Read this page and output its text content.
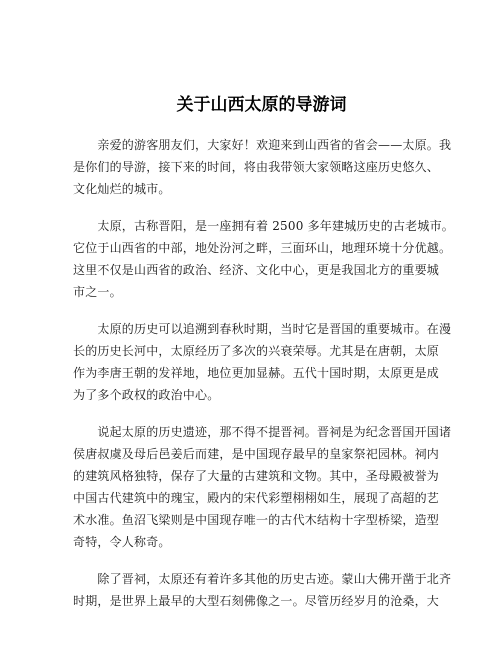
关于山西太原的导游词
　　亲爱的游客朋友们，大家好！欢迎来到山西省的省会——太原。我
是你们的导游，接下来的时间，将由我带领大家领略这座历史悠久、
文化灿烂的城市。
　　太原，古称晋阳，是一座拥有着 2500 多年建城历史的古老城市。
它位于山西省的中部，地处汾河之畔，三面环山，地理环境十分优越。
这里不仅是山西省的政治、经济、文化中心，更是我国北方的重要城
市之一。
　　太原的历史可以追溯到春秋时期，当时它是晋国的重要城市。在漫
长的历史长河中，太原经历了多次的兴衰荣辱。尤其是在唐朝，太原
作为李唐王朝的发祥地，地位更加显赫。五代十国时期，太原更是成
为了多个政权的政治中心。
　　说起太原的历史遗迹，那不得不提晋祠。晋祠是为纪念晋国开国诸
侯唐叔虞及母后邑姜后而建，是中国现存最早的皇家祭祀园林。祠内
的建筑风格独特，保存了大量的古建筑和文物。其中，圣母殿被誉为
中国古代建筑中的瑰宝，殿内的宋代彩塑栩栩如生，展现了高超的艺
术水准。鱼沼飞梁则是中国现存唯一的古代木结构十字型桥梁，造型
奇特，令人称奇。
　　除了晋祠，太原还有着许多其他的历史古迹。蒙山大佛开凿于北齐
时期，是世界上最早的大型石刻佛像之一。尽管历经岁月的沧桑，大
